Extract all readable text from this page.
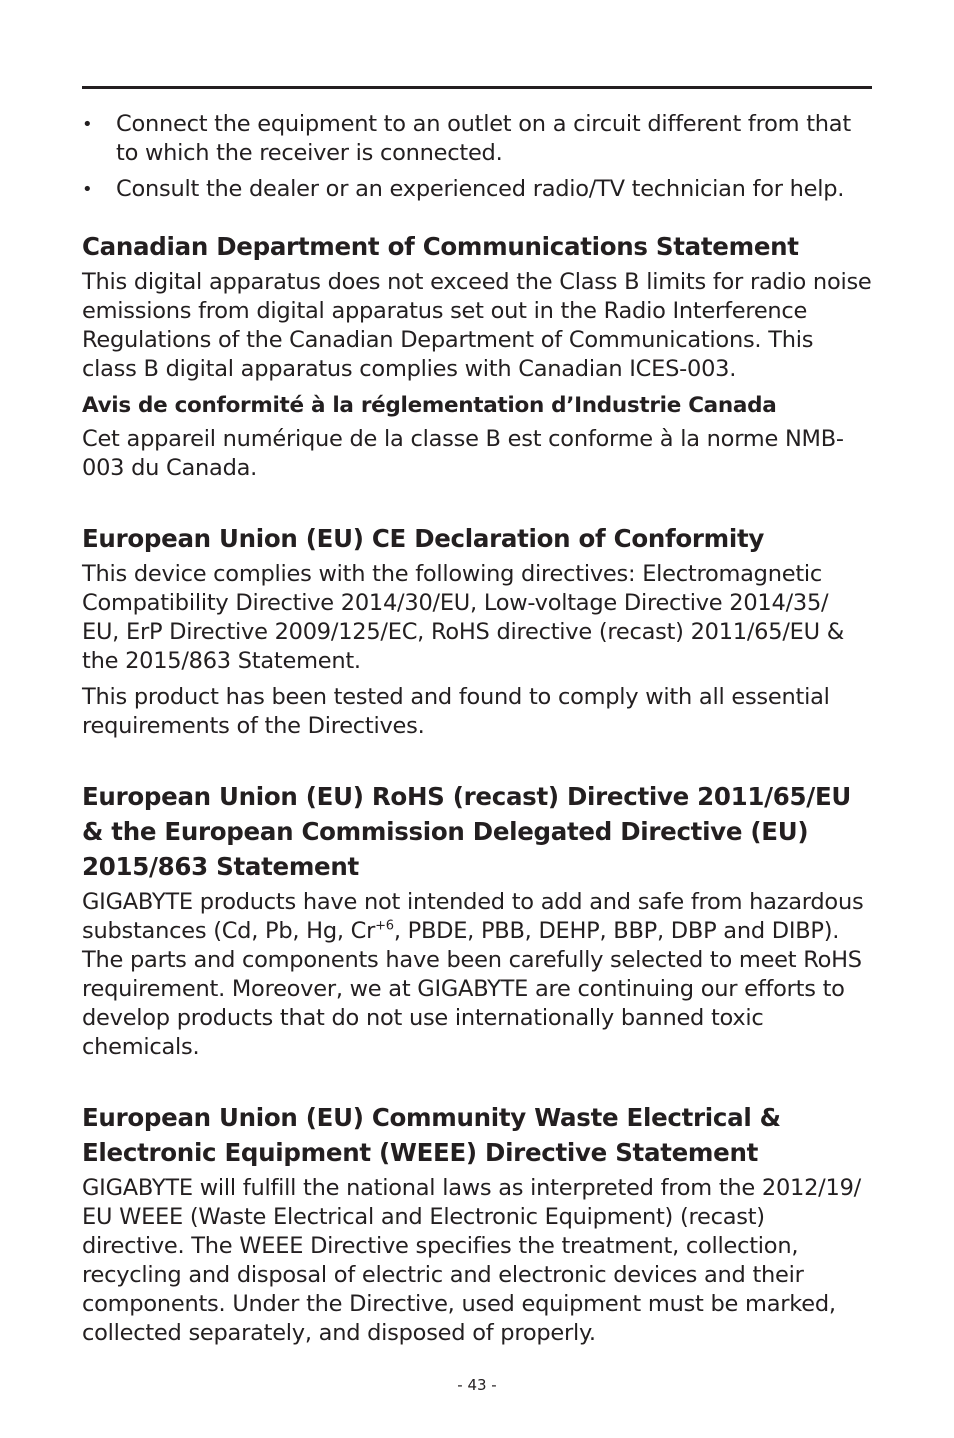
• Connect the equipment to an outlet on a circuit different from that to which the receiver is connected.
• Consult the dealer or an experienced radio/TV technician for help.
Canadian Department of Communications Statement

This digital apparatus does not exceed the Class B limits for radio noise emissions from digital apparatus set out in the Radio Interference Regulations of the Canadian Department of Communications. This class B digital apparatus complies with Canadian ICES-003.

Avis de conformité à la réglementation d’Industrie Canada

Cet appareil numérique de la classe B est conforme à la norme NMB-003 du Canada.

European Union (EU) CE Declaration of Conformity

This device complies with the following directives: Electromagnetic Compatibility Directive 2014/30/EU, Low-voltage Directive 2014/35/ EU, ErP Directive 2009/125/EC, RoHS directive (recast) 2011/65/EU & the 2015/863 Statement.

This product has been tested and found to comply with all essential requirements of the Directives.

European Union (EU) RoHS (recast) Directive 2011/65/EU & the European Commission Delegated Directive (EU) 2015/863 Statement

GIGABYTE products have not intended to add and safe from hazardous substances (Cd, Pb, Hg, $Cr^{+6}$, PBDE, PBB, DEHP, BBP, DBP and DIBP). The parts and components have been carefully selected to meet RoHS requirement. Moreover, we at GIGABYTE are continuing our efforts to develop products that do not use internationally banned toxic chemicals.

European Union (EU) Community Waste Electrical & Electronic Equipment (WEEE) Directive Statement

GIGABYTE will fulfill the national laws as interpreted from the 2012/19/ EU WEEE (Waste Electrical and Electronic Equipment) (recast) directive. The WEEE Directive specifies the treatment, collection, recycling and disposal of electric and electronic devices and their components. Under the Directive, used equipment must be marked, collected separately, and disposed of properly.

- 43 -
